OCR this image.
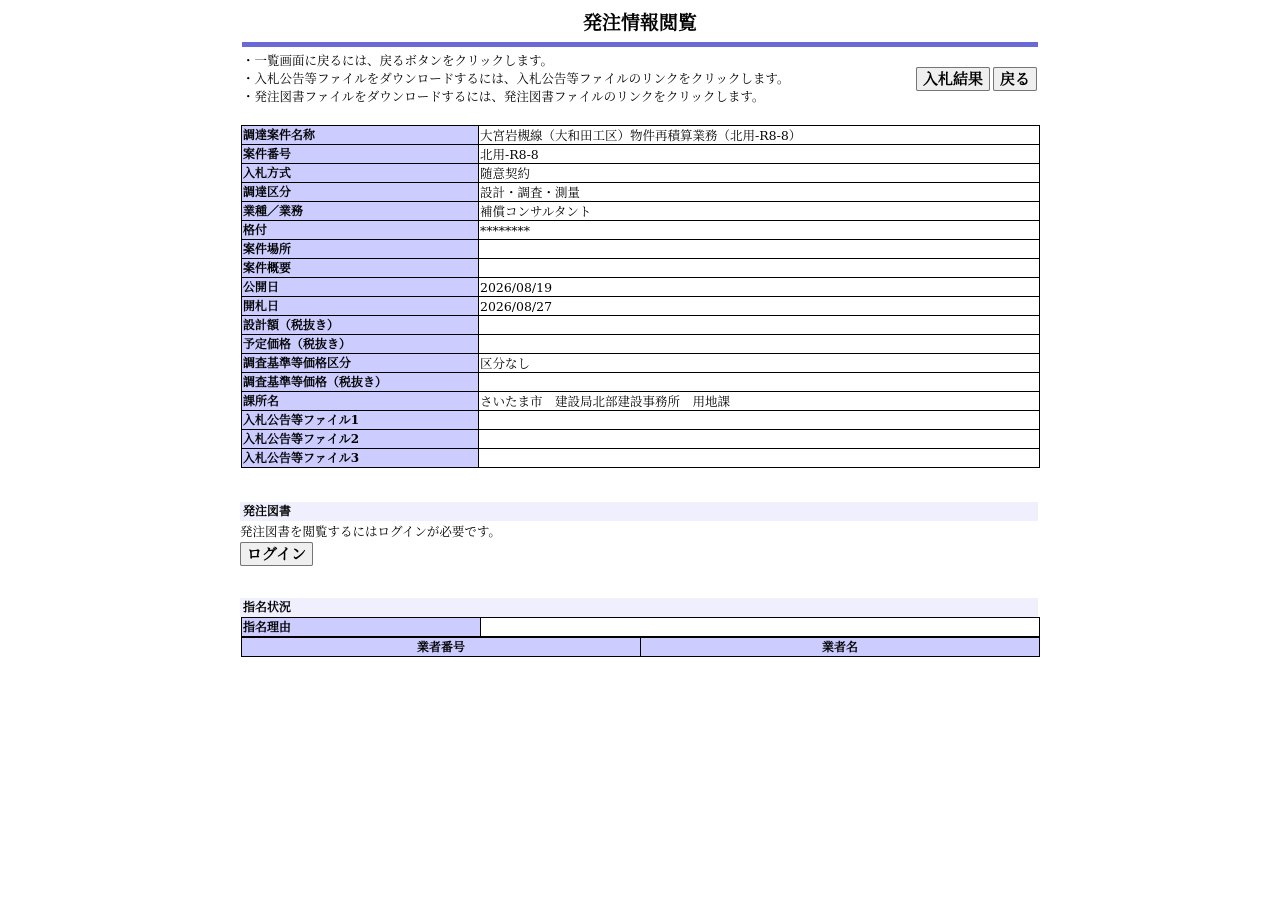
発注情報閲覧
・一覧画面に戻るには、戻るボタンをクリックします。
・入札公告等ファイルをダウンロードするには、入札公告等ファイルのリンクをクリックします。
・発注図書ファイルをダウンロードするには、発注図書ファイルのリンクをクリックします。
入札結果	戻る
調達案件名称	大宮岩槻線（大和田工区）物件再積算業務（北用-R8-8）
案件番号	北用-R8-8
入札方式	随意契約
調達区分	設計・調査・測量
業種／業務	補償コンサルタント
格付	********
案件場所	
案件概要	
公開日	2026/08/19
開札日	2026/08/27
設計額（税抜き）	
予定価格（税抜き）	
調査基準等価格区分	区分なし
調査基準等価格（税抜き）	
課所名	さいたま市　建設局北部建設事務所　用地課
入札公告等ファイル1	
入札公告等ファイル2	
入札公告等ファイル3	
発注図書
発注図書を閲覧するにはログインが必要です。
ログイン
指名状況
指名理由	
業者番号	業者名
